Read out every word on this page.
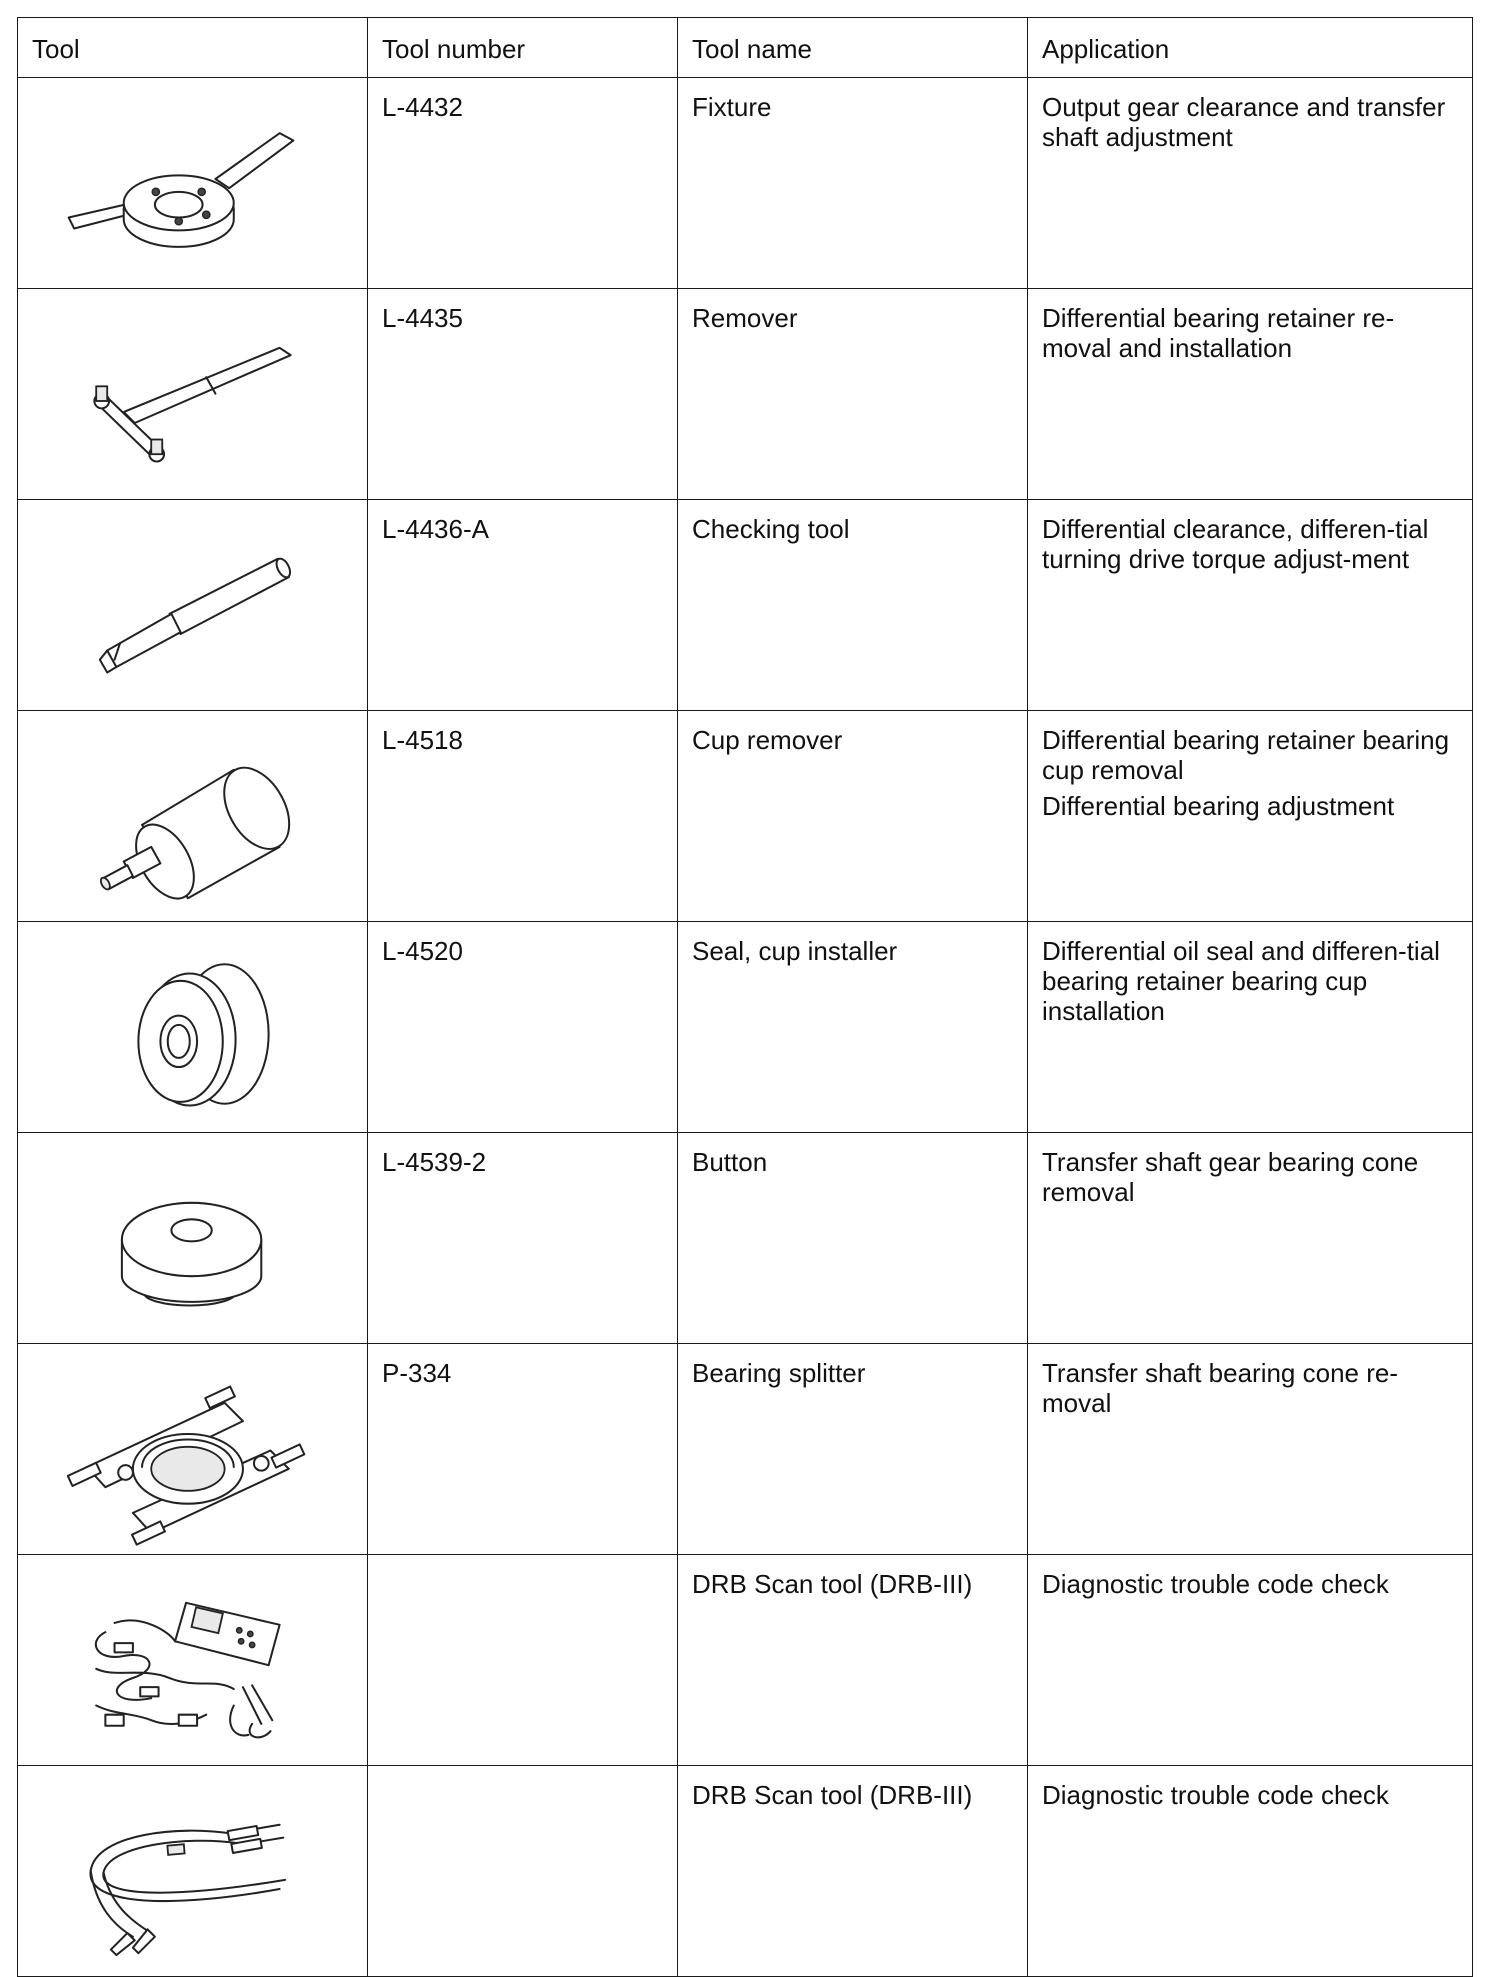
Tool	Tool number	Tool name	Application

	L-4432	Fixture	Output gear clearance and transfer shaft adjustment

	L-4435	Remover	Differential bearing retainer re-moval and installation

	L-4436-A	Checking tool	Differential clearance, differen-tial turning drive torque adjust-ment

	L-4518	Cup remover	Differential bearing retainer bearing cup removal
Differential bearing adjustment

	L-4520	Seal, cup installer	Differential oil seal and differen-tial bearing retainer bearing cup installation

	L-4539-2	Button	Transfer shaft gear bearing cone removal

	P-334	Bearing splitter	Transfer shaft bearing cone re-moval

		DRB Scan tool (DRB-III)	Diagnostic trouble code check

		DRB Scan tool (DRB-III)	Diagnostic trouble code check
